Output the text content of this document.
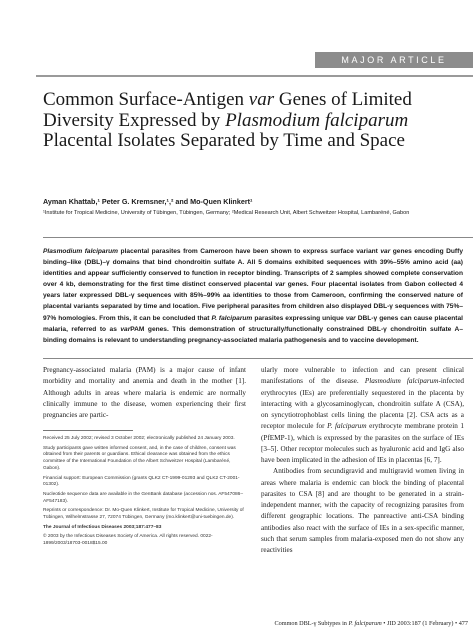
MAJOR ARTICLE
Common Surface-Antigen var Genes of Limited Diversity Expressed by Plasmodium falciparum Placental Isolates Separated by Time and Space
Ayman Khattab,¹ Peter G. Kremsner,¹,² and Mo-Quen Klinkert¹
¹Institute for Tropical Medicine, University of Tübingen, Tübingen, Germany; ²Medical Research Unit, Albert Schweitzer Hospital, Lambaréné, Gabon

Plasmodium falciparum placental parasites from Cameroon have been shown to express surface variant var genes encoding Duffy binding–like (DBL)–γ domains that bind chondroitin sulfate A. All 5 domains exhibited sequences with 39%–55% amino acid (aa) identities and appear sufficiently conserved to function in receptor binding. Transcripts of 2 samples showed complete conservation over 4 kb, demonstrating for the first time distinct conserved placental var genes. Four placental isolates from Gabon collected 4 years later expressed DBL-γ sequences with 85%–99% aa identities to those from Cameroon, confirming the conserved nature of placental variants separated by time and location. Five peripheral parasites from children also displayed DBL-γ sequences with 75%–97% homologies. From this, it can be concluded that P. falciparum parasites expressing unique var DBL-γ genes can cause placental malaria, referred to as varPAM genes. This demonstration of structurally/functionally constrained DBL-γ chondroitin sulfate A–binding domains is relevant to understanding pregnancy-associated malaria pathogenesis and to vaccine development.

Pregnancy-associated malaria (PAM) is a major cause of infant morbidity and mortality and anemia and death in the mother [1]. Although adults in areas where malaria is endemic are normally clinically immune to the disease, women experiencing their first pregnancies are partic-

Received 25 July 2002; revised 3 October 2002; electronically published 24 January 2003.

Study participants gave written informed consent, and, in the case of children, consent was obtained from their parents or guardians. Ethical clearance was obtained from the ethics committee of the International Foundation of the Albert Schweitzer Hospital (Lambaréné, Gabon).

Financial support: European Commission (grants QLK2 CT-1999-01293 and QLK2 CT-2001-01302).

Nucleotide sequence data are available in the GenBank database (accession nos. AF547086–AF547183).

Reprints or correspondence: Dr. Mo-Quen Klinkert, Institute for Tropical Medicine, University of Tübingen, Wilhelmstrasse 27, 72074 Tübingen, Germany (mo.klinkert@uni-tuebingen.de).

The Journal of Infectious Diseases 2003;187:477–83

© 2003 by the Infectious Diseases Society of America. All rights reserved. 0022-1899/2003/18703-0018$15.00

ularly more vulnerable to infection and can present clinical manifestations of the disease. Plasmodium falciparum-infected erythrocytes (IEs) are preferentially sequestered in the placenta by interacting with a glycosaminoglycan, chondroitin sulfate A (CSA), on syncytiotrophoblast cells lining the placenta [2]. CSA acts as a receptor molecule for P. falciparum erythrocyte membrane protein 1 (PfEMP-1), which is expressed by the parasites on the surface of IEs [3–5]. Other receptor molecules such as hyaluronic acid and IgG also have been implicated in the adhesion of IEs in placentas [6, 7].

Antibodies from secundigravid and multigravid women living in areas where malaria is endemic can block the binding of placental parasites to CSA [8] and are thought to be generated in a strain-independent manner, with the capacity of recognizing parasites from different geographic locations. The panreactive anti-CSA binding antibodies also react with the surface of IEs in a sex-specific manner, such that serum samples from malaria-exposed men do not show any reactivities

Common DBL-γ Subtypes in P. falciparum • JID 2003:187 (1 February) • 477
